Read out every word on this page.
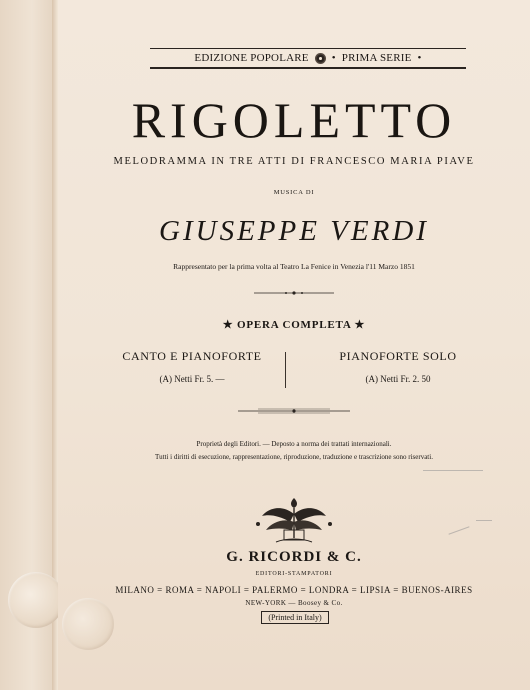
EDIZIONE POPOLARE • PRIMA SERIE •
RIGOLETTO
MELODRAMMA IN TRE ATTI DI FRANCESCO MARIA PIAVE
MUSICA DI
GIUSEPPE VERDI
Rappresentato per la prima volta al Teatro La Fenice in Venezia l'11 Marzo 1851
★ OPERA COMPLETA ★
CANTO E PIANOFORTE
(A) Netti Fr. 5. —
PIANOFORTE SOLO
(A) Netti Fr. 2. 50
Proprietà degli Editori. — Deposto a norma dei trattati internazionali.
Tutti i diritti di esecuzione, rappresentazione, riproduzione, traduzione e trascrizione sono riservati.
G. RICORDI & C.
EDITORI-STAMPATORI
MILANO = ROMA = NAPOLI = PALERMO = LONDRA = LIPSIA = BUENOS-AIRES
NEW-YORK — Boosey & Co.
(Printed in Italy)
